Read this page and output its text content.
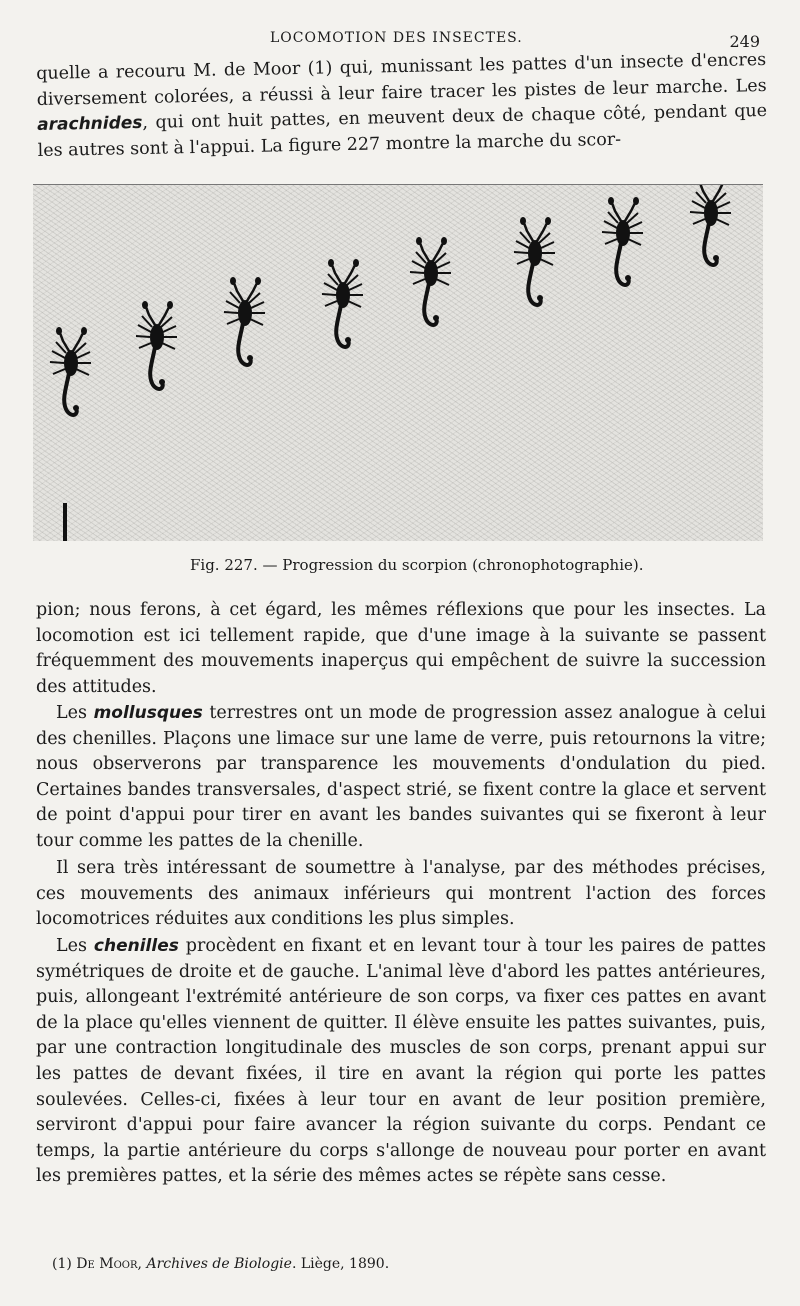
LOCOMOTION DES INSECTES.	249

quelle a recouru M. de Moor (1) qui, munissant les pattes d'un insecte d'encres diversement colorées, a réussi à leur faire tracer les pistes de leur marche. Les arachnides, qui ont huit pattes, en meuvent deux de chaque côté, pendant que les autres sont à l'appui. La figure 227 montre la marche du scor-

Fig. 227. — Progression du scorpion (chronophotographie).

pion; nous ferons, à cet égard, les mêmes réflexions que pour les insectes. La locomotion est ici tellement rapide, que d'une image à la suivante se passent fréquemment des mouvements inaperçus qui empêchent de suivre la succession des attitudes.

Les mollusques terrestres ont un mode de progression assez analogue à celui des chenilles. Plaçons une limace sur une lame de verre, puis retournons la vitre; nous observerons par transparence les mouvements d'ondulation du pied. Certaines bandes transversales, d'aspect strié, se fixent contre la glace et servent de point d'appui pour tirer en avant les bandes suivantes qui se fixeront à leur tour comme les pattes de la chenille.

Il sera très intéressant de soumettre à l'analyse, par des méthodes précises, ces mouvements des animaux inférieurs qui montrent l'action des forces locomotrices réduites aux conditions les plus simples.

Les chenilles procèdent en fixant et en levant tour à tour les paires de pattes symétriques de droite et de gauche. L'animal lève d'abord les pattes antérieures, puis, allongeant l'extrémité antérieure de son corps, va fixer ces pattes en avant de la place qu'elles viennent de quitter. Il élève ensuite les pattes suivantes, puis, par une contraction longitudinale des muscles de son corps, prenant appui sur les pattes de devant fixées, il tire en avant la région qui porte les pattes soulevées. Celles-ci, fixées à leur tour en avant de leur position première, serviront d'appui pour faire avancer la région suivante du corps. Pendant ce temps, la partie antérieure du corps s'allonge de nouveau pour porter en avant les premières pattes, et la série des mêmes actes se répète sans cesse.

(1) De Moor, Archives de Biologie. Liège, 1890.
